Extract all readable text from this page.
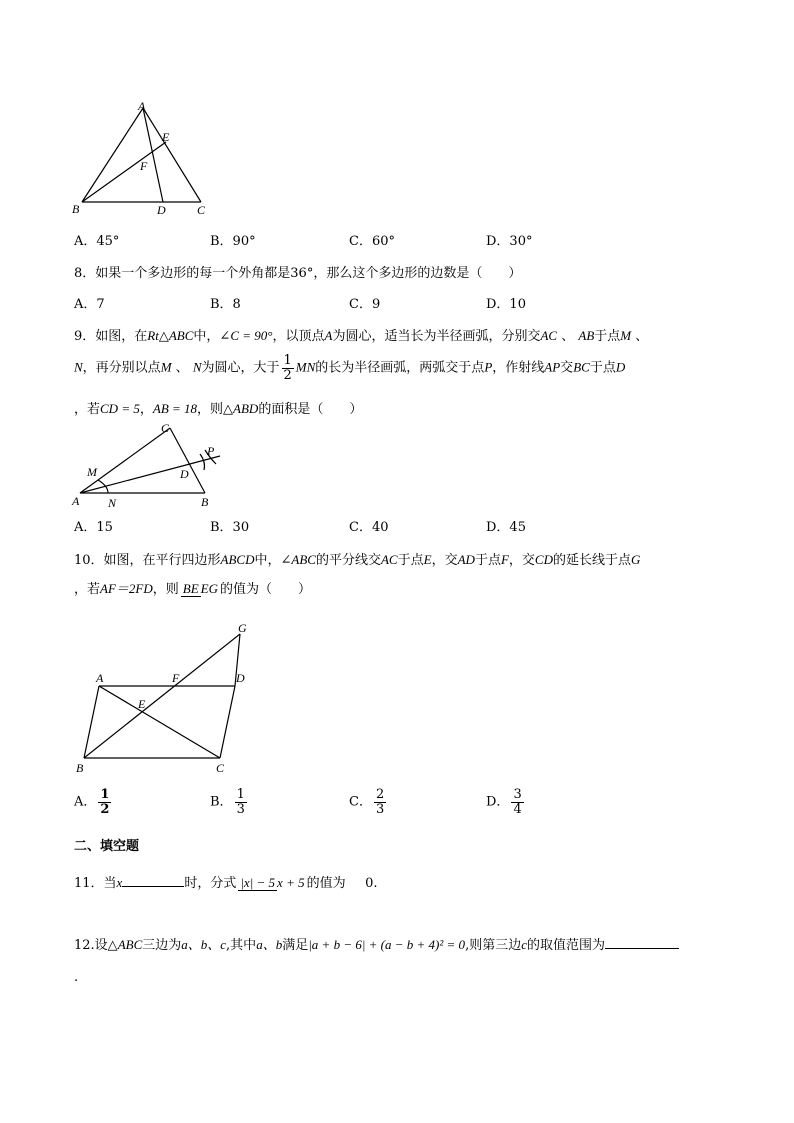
A
E
F
B	D	C
A．45°	B．90°	C．60°	D．30°
8．如果一个多边形的每一个外角都是36°，那么这个多边形的边数是（　　）
A．7	B．8	C．9	D．10
9．如图，在Rt△ABC中，∠C = 90°，以顶点A为圆心，适当长为半径画弧，分别交AC 、 AB于点M 、
N，再分别以点M 、 N为圆心，大于 $\frac{1}{2}$ MN的长为半径画弧，两弧交于点P，作射线AP交BC于点D
，若CD = 5，AB = 18，则△ABD的面积是（　　）
C
P
M	D
A N	B
A．15	B．30	C．40	D．45
10．如图，在平行四边形ABCD中，∠ABC的平分线交AC于点E，交AD于点F，交CD的延长线于点G
，若AF＝2FD，则 BE EG 的值为（　　）
G
A	F	D
E
B	C
A． $\frac{1}{2}$	B． $\frac{1}{3}$	C． $\frac{2}{3}$	D． $\frac{3}{4}$
二、填空题
11．当x	时，分式 |x| − 5 x + 5 的值为   0.
12.设△ABC三边为a、b、c,其中a、b满足|a + b − 6| + (a − b + 4)² = 0,则第三边c的取值范围为
.
